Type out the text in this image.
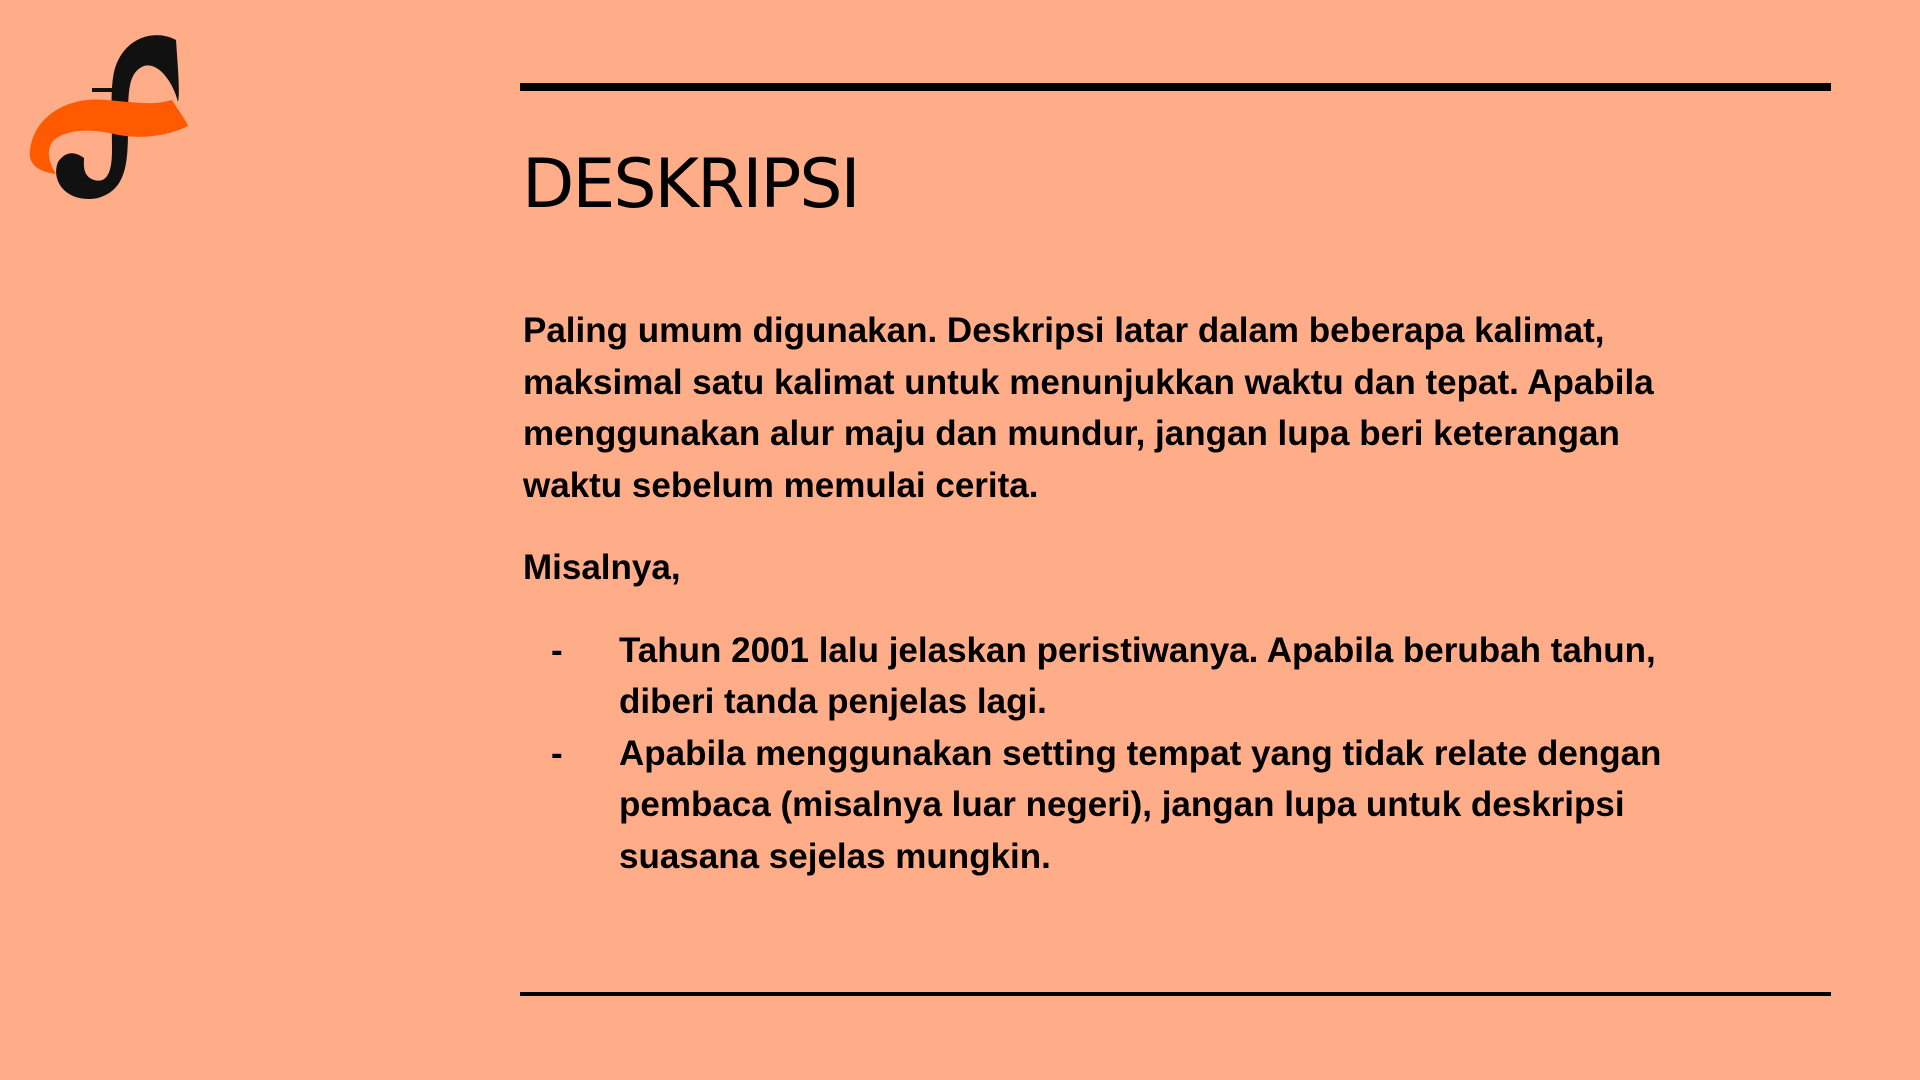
DESKRIPSI

Paling umum digunakan. Deskripsi latar dalam beberapa kalimat,
maksimal satu kalimat untuk menunjukkan waktu dan tepat. Apabila
menggunakan alur maju dan mundur, jangan lupa beri keterangan
waktu sebelum memulai cerita.

Misalnya,

- Tahun 2001 lalu jelaskan peristiwanya. Apabila berubah tahun,
diberi tanda penjelas lagi.
- Apabila menggunakan setting tempat yang tidak relate dengan
pembaca (misalnya luar negeri), jangan lupa untuk deskripsi
suasana sejelas mungkin.
